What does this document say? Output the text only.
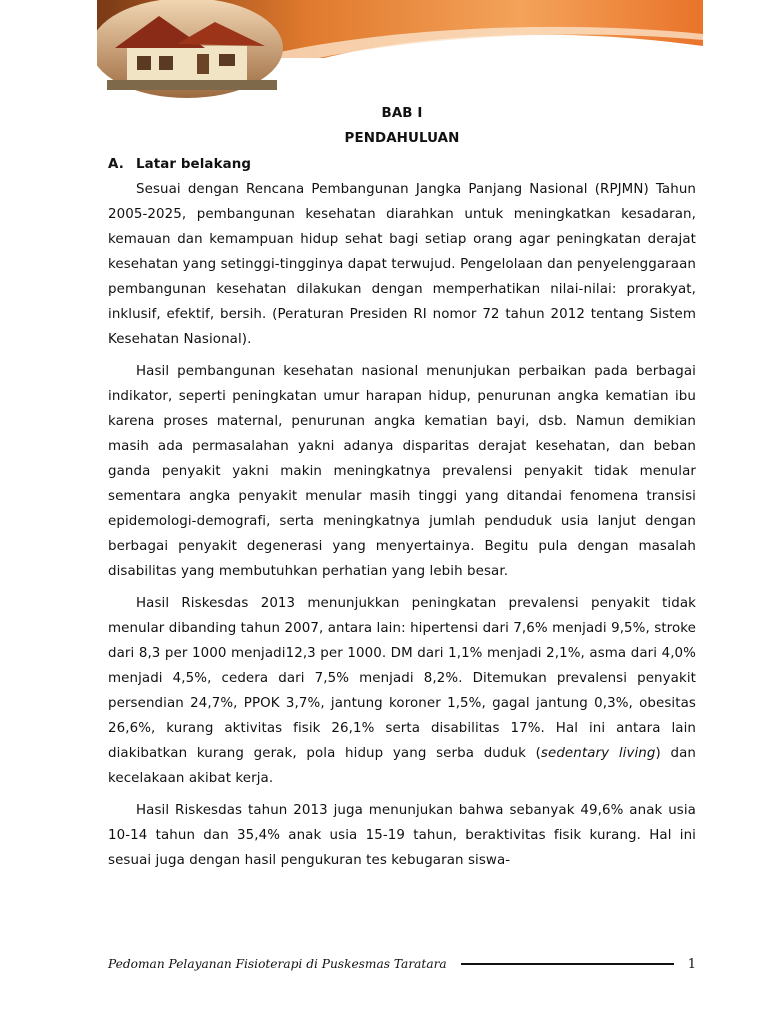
BAB I
PENDAHULUAN
A. Latar belakang

Sesuai dengan Rencana Pembangunan Jangka Panjang Nasional (RPJMN) Tahun 2005-2025, pembangunan kesehatan diarahkan untuk meningkatkan kesadaran, kemauan dan kemampuan hidup sehat bagi setiap orang agar peningkatan derajat kesehatan yang setinggi-tingginya dapat terwujud. Pengelolaan dan penyelenggaraan pembangunan kesehatan dilakukan dengan memperhatikan nilai-nilai: prorakyat, inklusif, efektif, bersih. (Peraturan Presiden RI nomor 72 tahun 2012 tentang Sistem Kesehatan Nasional).

Hasil pembangunan kesehatan nasional menunjukan perbaikan pada berbagai indikator, seperti peningkatan umur harapan hidup, penurunan angka kematian ibu karena proses maternal, penurunan angka kematian bayi, dsb. Namun demikian masih ada permasalahan yakni adanya disparitas derajat kesehatan, dan beban ganda penyakit yakni makin meningkatnya prevalensi penyakit tidak menular sementara angka penyakit menular masih tinggi yang ditandai fenomena transisi epidemologi-demografi, serta meningkatnya jumlah penduduk usia lanjut dengan berbagai penyakit degenerasi yang menyertainya. Begitu pula dengan masalah disabilitas yang membutuhkan perhatian yang lebih besar.

Hasil Riskesdas 2013 menunjukkan peningkatan prevalensi penyakit tidak menular dibanding tahun 2007, antara lain: hipertensi dari 7,6% menjadi 9,5%, stroke dari 8,3 per 1000 menjadi12,3 per 1000. DM dari 1,1% menjadi 2,1%, asma dari 4,0% menjadi 4,5%, cedera dari 7,5% menjadi 8,2%. Ditemukan prevalensi penyakit persendian 24,7%, PPOK 3,7%, jantung koroner 1,5%, gagal jantung 0,3%, obesitas 26,6%, kurang aktivitas fisik 26,1% serta disabilitas 17%. Hal ini antara lain diakibatkan kurang gerak, pola hidup yang serba duduk (sedentary living) dan kecelakaan akibat kerja.

Hasil Riskesdas tahun 2013 juga menunjukan bahwa sebanyak 49,6% anak usia 10-14 tahun dan 35,4% anak usia 15-19 tahun, beraktivitas fisik kurang. Hal ini sesuai juga dengan hasil pengukuran tes kebugaran siswa-

Pedoman Pelayanan Fisioterapi di Puskesmas Taratara	1
